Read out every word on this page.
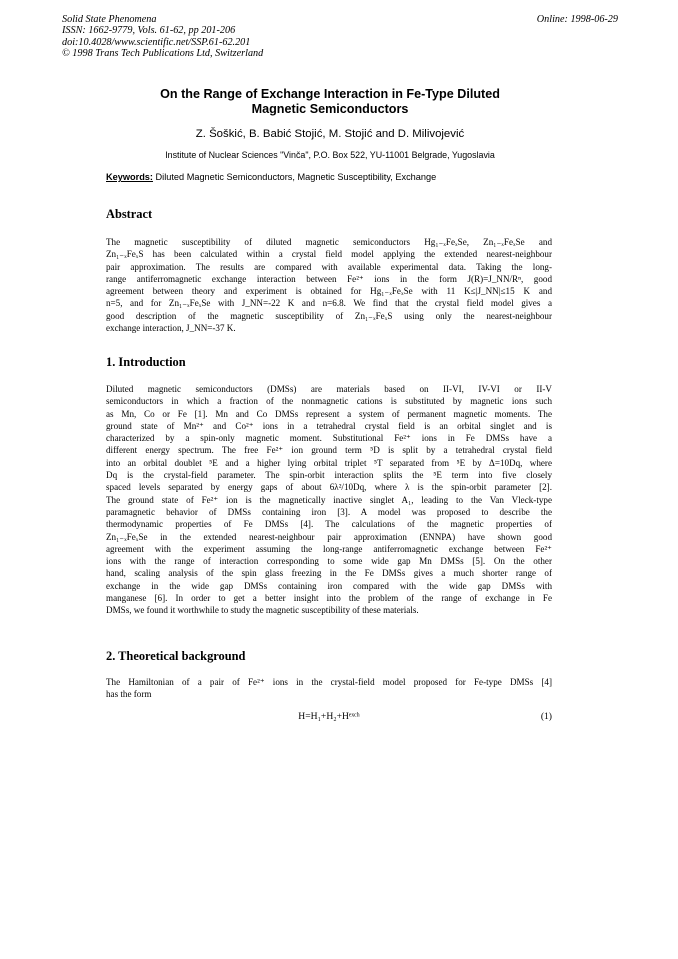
Solid State Phenomena
ISSN: 1662-9779, Vols. 61-62, pp 201-206
doi:10.4028/www.scientific.net/SSP.61-62.201
© 1998 Trans Tech Publications Ltd, Switzerland
Online: 1998-06-29
On the Range of Exchange Interaction in Fe-Type Diluted
Magnetic Semiconductors
Z. Šoškić, B. Babić Stojić, M. Stojić and D. Milivojević
Institute of Nuclear Sciences "Vinča", P.O. Box 522, YU-11001 Belgrade, Yugoslavia
Keywords: Diluted Magnetic Semiconductors, Magnetic Susceptibility, Exchange
Abstract
The magnetic susceptibility of diluted magnetic semiconductors Hg₁₋ₓFeₓSe, Zn₁₋ₓFeₓSe and
Zn₁₋ₓFeₓS has been calculated within a crystal field model applying the extended nearest-neighbour
pair approximation. The results are compared with available experimental data. Taking the long-
range antiferromagnetic exchange interaction between Fe²⁺ ions in the form J(R)=J_NN/Rⁿ, good
agreement between theory and experiment is obtained for Hg₁₋ₓFeₓSe with 11 K≤|J_NN|≤15 K and
n=5, and for Zn₁₋ₓFeₓSe with J_NN=-22 K and n=6.8. We find that the crystal field model gives a
good description of the magnetic susceptibility of Zn₁₋ₓFeₓS using only the nearest-neighbour
exchange interaction, J_NN=-37 K.
1. Introduction
Diluted magnetic semiconductors (DMSs) are materials based on II-VI, IV-VI or II-V
semiconductors in which a fraction of the nonmagnetic cations is substituted by magnetic ions such
as Mn, Co or Fe [1]. Mn and Co DMSs represent a system of permanent magnetic moments. The
ground state of Mn²⁺ and Co²⁺ ions in a tetrahedral crystal field is an orbital singlet and is
characterized by a spin-only magnetic moment. Substitutional Fe²⁺ ions in Fe DMSs have a
different energy spectrum. The free Fe²⁺ ion ground term ⁵D is split by a tetrahedral crystal field
into an orbital doublet ⁵E and a higher lying orbital triplet ⁵T separated from ⁵E by Δ=10Dq, where
Dq is the crystal-field parameter. The spin-orbit interaction splits the ⁵E term into five closely
spaced levels separated by energy gaps of about 6λ²/10Dq, where λ is the spin-orbit parameter [2].
The ground state of Fe²⁺ ion is the magnetically inactive singlet A₁, leading to the Van Vleck-type
paramagnetic behavior of DMSs containing iron [3]. A model was proposed to describe the
thermodynamic properties of Fe DMSs [4]. The calculations of the magnetic properties of
Zn₁₋ₓFeₓSe in the extended nearest-neighbour pair approximation (ENNPA) have shown good
agreement with the experiment assuming the long-range antiferromagnetic exchange between Fe²⁺
ions with the range of interaction corresponding to some wide gap Mn DMSs [5]. On the other
hand, scaling analysis of the spin glass freezing in the Fe DMSs gives a much shorter range of
exchange in the wide gap DMSs containing iron compared with the wide gap DMSs with
manganese [6]. In order to get a better insight into the problem of the range of exchange in Fe
DMSs, we found it worthwhile to study the magnetic susceptibility of these materials.
2. Theoretical background
The Hamiltonian of a pair of Fe²⁺ ions in the crystal-field model proposed for Fe-type DMSs [4]
has the form
H=H₁+H₂+Hᵉˣᶜʰ	(1)
